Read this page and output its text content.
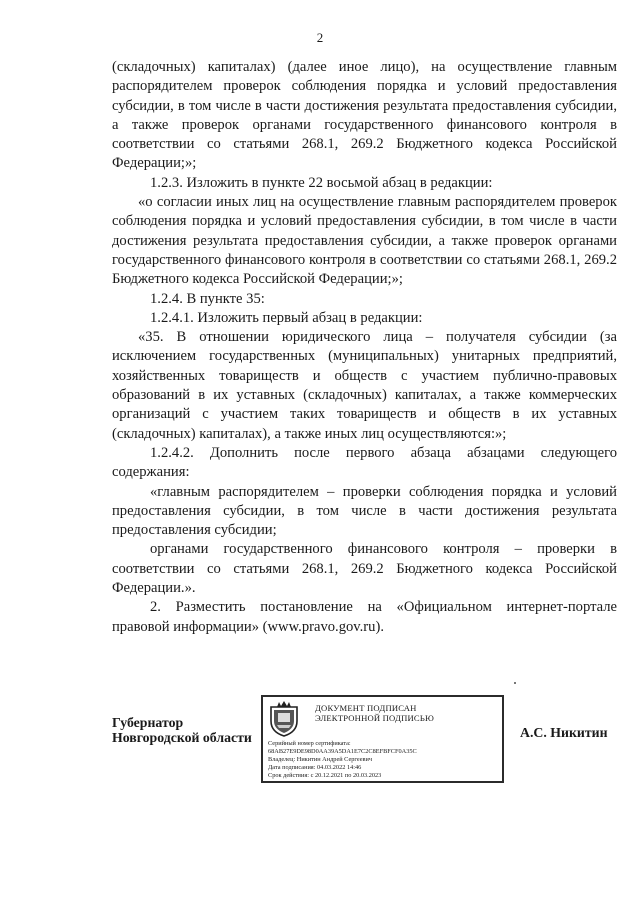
2

(складочных) капиталах) (далее иное лицо), на осуществление главным распорядителем проверок соблюдения порядка и условий предоставления субсидии, в том числе в части достижения результата предоставления субсидии, а также проверок органами государственного финансового контроля в соответствии со статьями 268.1, 269.2 Бюджетного кодекса Российской Федерации;»;

1.2.3. Изложить в пункте 22 восьмой абзац в редакции:

«о согласии иных лиц на осуществление главным распорядителем проверок соблюдения порядка и условий предоставления субсидии, в том числе в части достижения результата предоставления субсидии, а также проверок органами государственного финансового контроля в соответствии со статьями 268.1, 269.2 Бюджетного кодекса Российской Федерации;»;

1.2.4. В пункте 35:

1.2.4.1. Изложить первый абзац в редакции:

«35. В отношении юридического лица – получателя субсидии (за исключением государственных (муниципальных) унитарных предприятий, хозяйственных товариществ и обществ с участием публично-правовых образований в их уставных (складочных) капиталах, а также коммерческих организаций с участием таких товариществ и обществ в их уставных (складочных) капиталах), а также иных лиц осуществляются:»;

1.2.4.2. Дополнить после первого абзаца абзацами следующего содержания:

«главным распорядителем – проверки соблюдения порядка и условий предоставления субсидии, в том числе в части достижения результата предоставления субсидии;

органами государственного финансового контроля – проверки в соответствии со статьями 268.1, 269.2 Бюджетного кодекса Российской Федерации.».

2. Разместить постановление на «Официальном интернет-портале правовой информации» (www.pravo.gov.ru).

Губернатор
Новгородской области
ДОКУМЕНТ ПОДПИСАН
ЭЛЕКТРОННОЙ ПОДПИСЬЮ
Серийный номер сертификата:
68AB27E9DE98D0AA39A5DA1E7C2C8EFBFCF0A35C
Владелец: Никитин Андрей Сергеевич
Дата подписания: 04.03.2022 14:46
Срок действия: с 20.12.2021 по 20.03.2023
А.С. Никитин
